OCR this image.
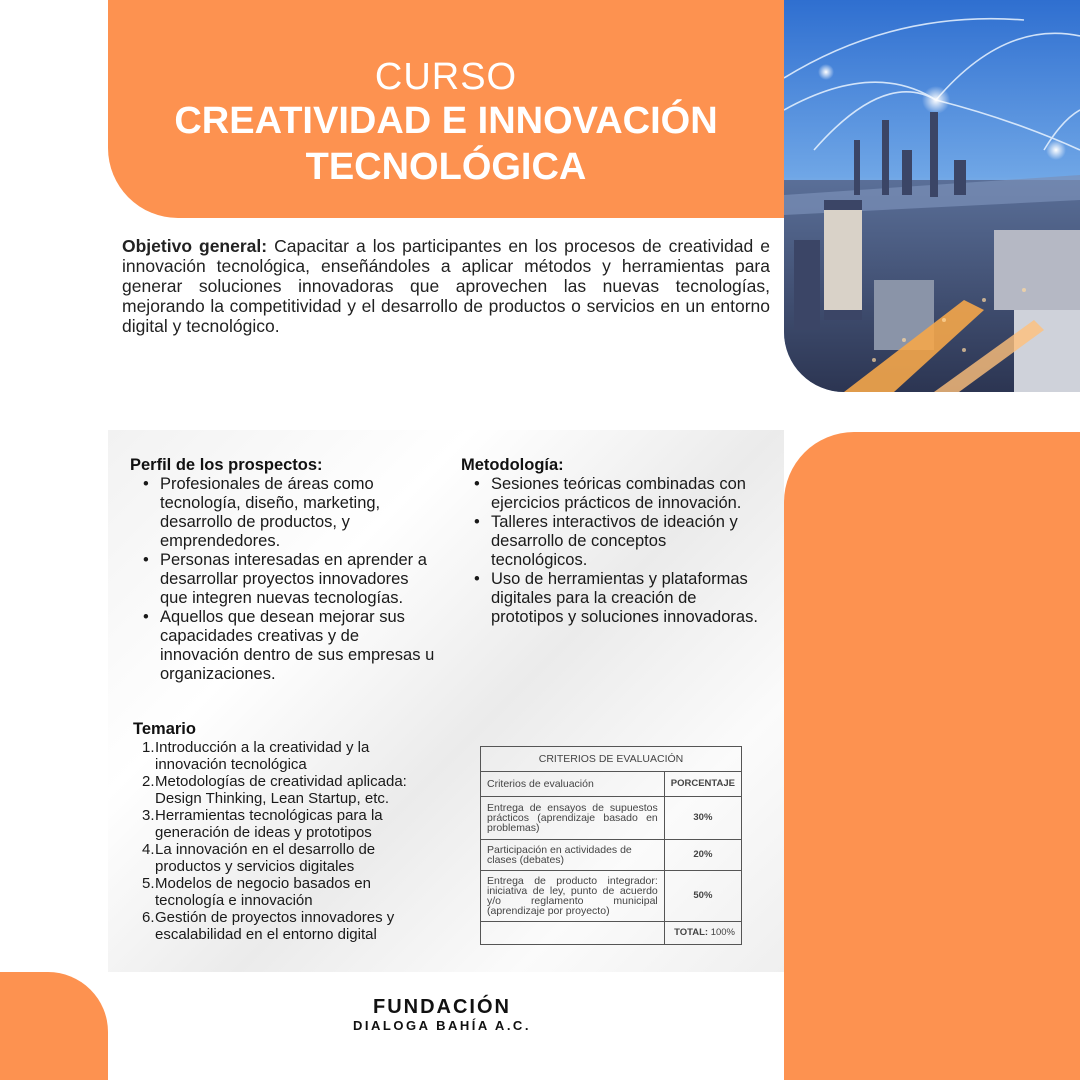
CURSO
CREATIVIDAD E INNOVACIÓN
TECNOLÓGICA
Objetivo general: Capacitar a los participantes en los procesos de creatividad e innovación tecnológica, enseñándoles a aplicar métodos y herramientas para generar soluciones innovadoras que aprovechen las nuevas tecnologías, mejorando la competitividad y el desarrollo de productos o servicios en un entorno digital y tecnológico.
Perfil de los prospectos:
• Profesionales de áreas como tecnología, diseño, marketing, desarrollo de productos, y emprendedores.
• Personas interesadas en aprender a desarrollar proyectos innovadores que integren nuevas tecnologías.
• Aquellos que desean mejorar sus capacidades creativas y de innovación dentro de sus empresas u organizaciones.
Metodología:
• Sesiones teóricas combinadas con ejercicios prácticos de innovación.
• Talleres interactivos de ideación y desarrollo de conceptos tecnológicos.
• Uso de herramientas y plataformas digitales para la creación de prototipos y soluciones innovadoras.
Temario
1. Introducción a la creatividad y la innovación tecnológica
2. Metodologías de creatividad aplicada: Design Thinking, Lean Startup, etc.
3. Herramientas tecnológicas para la generación de ideas y prototipos
4. La innovación en el desarrollo de productos y servicios digitales
5. Modelos de negocio basados en tecnología e innovación
6. Gestión de proyectos innovadores y escalabilidad en el entorno digital
CRITERIOS DE EVALUACIÓN	
Criterios de evaluación	PORCENTAJE
Entrega de ensayos de supuestos prácticos (aprendizaje basado en problemas)	30%
Participación en actividades de clases (debates)	20%
Entrega de producto integrador: iniciativa de ley, punto de acuerdo y/o reglamento municipal (aprendizaje por proyecto)	50%
	TOTAL: 100%
FUNDACIÓN
DIALOGA BAHÍA A.C.
